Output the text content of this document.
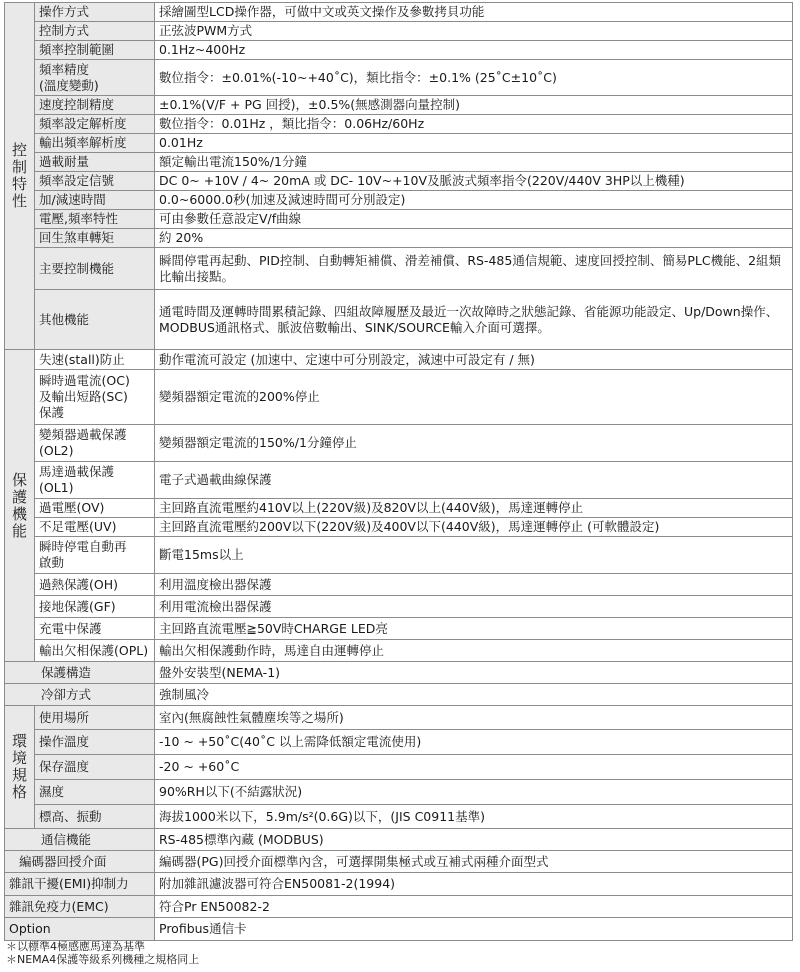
控制特性	操作方式	採繪圖型LCD操作器，可做中文或英文操作及參數拷貝功能
	控制方式	正弦波PWM方式
	頻率控制範圍	0.1Hz~400Hz
	頻率精度
(溫度變動)	數位指令：±0.01%(-10~+40˚C)，類比指令：±0.1% (25˚C±10˚C)
	速度控制精度	±0.1%(V/F + PG 回授)，±0.5%(無感測器向量控制)
	頻率設定解析度	數位指令：0.01Hz ，類比指令：0.06Hz/60Hz
	輸出頻率解析度	0.01Hz
	過載耐量	額定輸出電流150%/1分鐘
	頻率設定信號	DC 0~ +10V / 4~ 20mA 或 DC- 10V~+10V及脈波式頻率指令(220V/440V 3HP以上機種)
	加/減速時間	0.0~6000.0秒(加速及減速時間可分別設定)
	電壓,頻率特性	可由參數任意設定V/f曲線
	回生煞車轉矩	約 20%
	主要控制機能	瞬間停電再起動、PID控制、自動轉矩補償、滑差補償、RS-485通信規範、速度回授控制、簡易PLC機能、2組類比輸出接點。
	其他機能	通電時間及運轉時間累積記錄、四組故障履歷及最近一次故障時之狀態記錄、省能源功能設定、Up/Down操作、MODBUS通訊格式、脈波倍數輸出、SINK/SOURCE輸入介面可選擇。
保護機能	失速(stall)防止	動作電流可設定 (加速中、定速中可分別設定，減速中可設定有 / 無)
	瞬時過電流(OC)
及輸出短路(SC)
保護	變頻器額定電流的200%停止
	變頻器過載保護
(OL2)	變頻器額定電流的150%/1分鐘停止
	馬達過載保護
(OL1)	電子式過載曲線保護
	過電壓(OV)	主回路直流電壓約410V以上(220V級)及820V以上(440V級)，馬達運轉停止
	不足電壓(UV)	主回路直流電壓約200V以下(220V級)及400V以下(440V級)，馬達運轉停止 (可軟體設定)
	瞬時停電自動再
啟動	斷電15ms以上
	過熱保護(OH)	利用溫度檢出器保護
	接地保護(GF)	利用電流檢出器保護
	充電中保護	主回路直流電壓≧50V時CHARGE LED亮
	輸出欠相保護(OPL)	輸出欠相保護動作時，馬達自由運轉停止
保護構造		盤外安裝型(NEMA-1)
冷卻方式		強制風冷
環境規格	使用場所	室內(無腐蝕性氣體塵埃等之場所)
	操作溫度	-10 ~ +50˚C(40˚C 以上需降低額定電流使用)
	保存溫度	-20 ~ +60˚C
	濕度	90%RH以下(不結露狀況)
	標高、振動	海拔1000米以下，5.9m/s²(0.6G)以下，(JIS C0911基準)
通信機能		RS-485標準內藏 (MODBUS)
編碼器回授介面		編碼器(PG)回授介面標準內含，可選擇開集極式或互補式兩種介面型式
雜訊干擾(EMI)抑制力		附加雜訊濾波器可符合EN50081-2(1994)
雜訊免疫力(EMC)		符合Pr EN50082-2
Option		Profibus通信卡
＊以標準4極感應馬達為基準
＊NEMA4保護等級系列機種之規格同上
